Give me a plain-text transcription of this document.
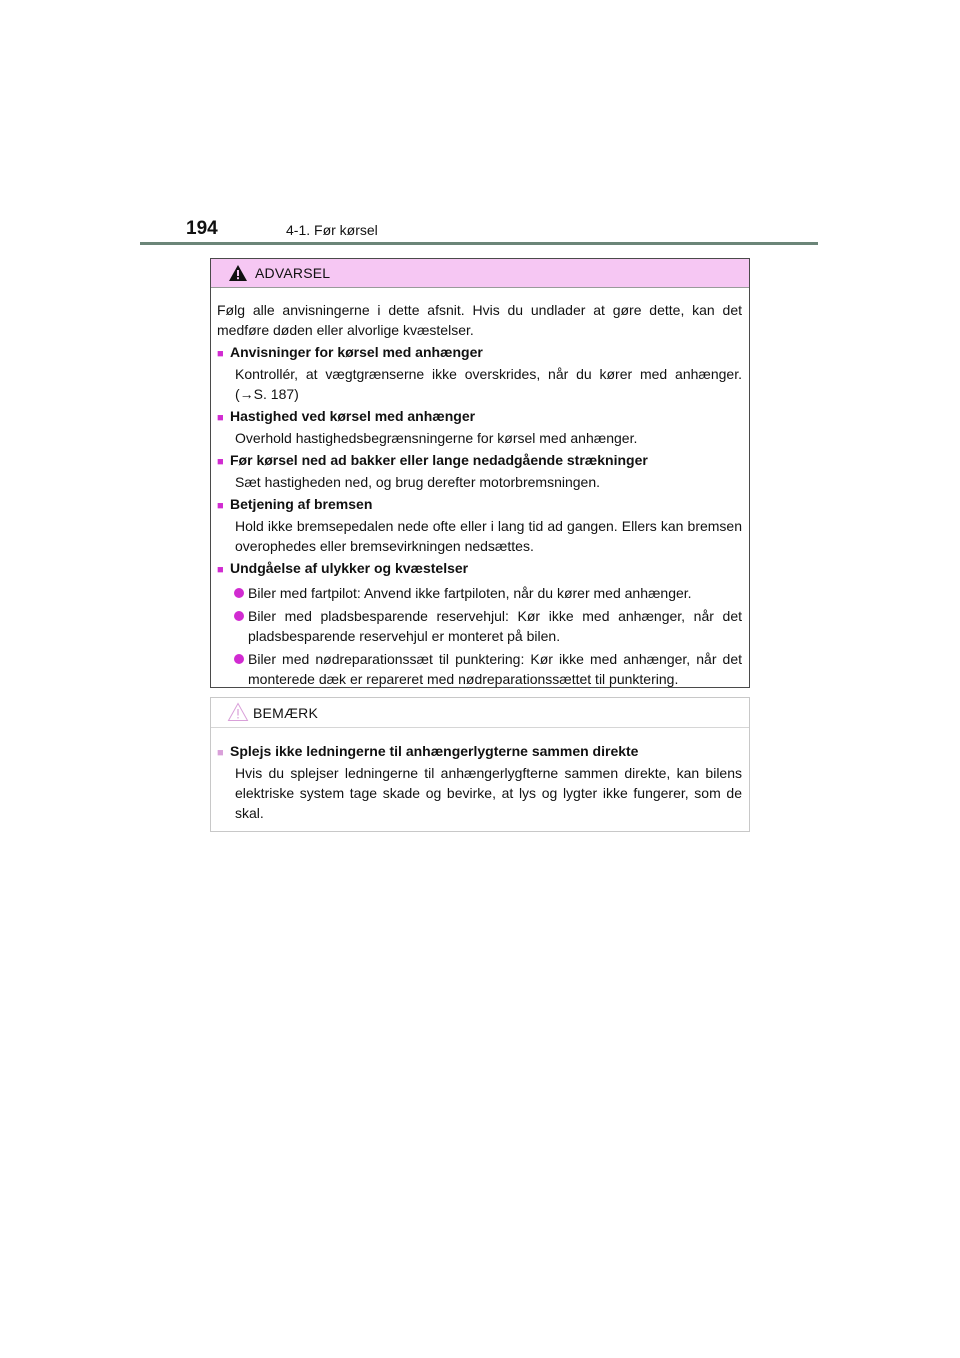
194	4-1. Før kørsel
ADVARSEL

Følg alle anvisningerne i dette afsnit. Hvis du undlader at gøre dette, kan det medføre døden eller alvorlige kvæstelser.

■ Anvisninger for kørsel med anhænger

Kontrollér, at vægtgrænserne ikke overskrides, når du kører med anhænger. (→S. 187)

■ Hastighed ved kørsel med anhænger

Overhold hastighedsbegrænsningerne for kørsel med anhænger.

■ Før kørsel ned ad bakker eller lange nedadgående strækninger

Sæt hastigheden ned, og brug derefter motorbremsningen.

■ Betjening af bremsen

Hold ikke bremsepedalen nede ofte eller i lang tid ad gangen. Ellers kan bremsen overophedes eller bremsevirkningen nedsættes.

■ Undgåelse af ulykker og kvæstelser

Biler med fartpilot: Anvend ikke fartpiloten, når du kører med anhænger.

Biler med pladsbesparende reservehjul: Kør ikke med anhænger, når det pladsbesparende reservehjul er monteret på bilen.

Biler med nødreparationssæt til punktering: Kør ikke med anhænger, når det monterede dæk er repareret med nødreparationssættet til punktering.

BEMÆRK

■ Splejs ikke ledningerne til anhængerlygterne sammen direkte

Hvis du splejser ledningerne til anhængerlygfterne sammen direkte, kan bilens elektriske system tage skade og bevirke, at lys og lygter ikke fungerer, som de skal.
